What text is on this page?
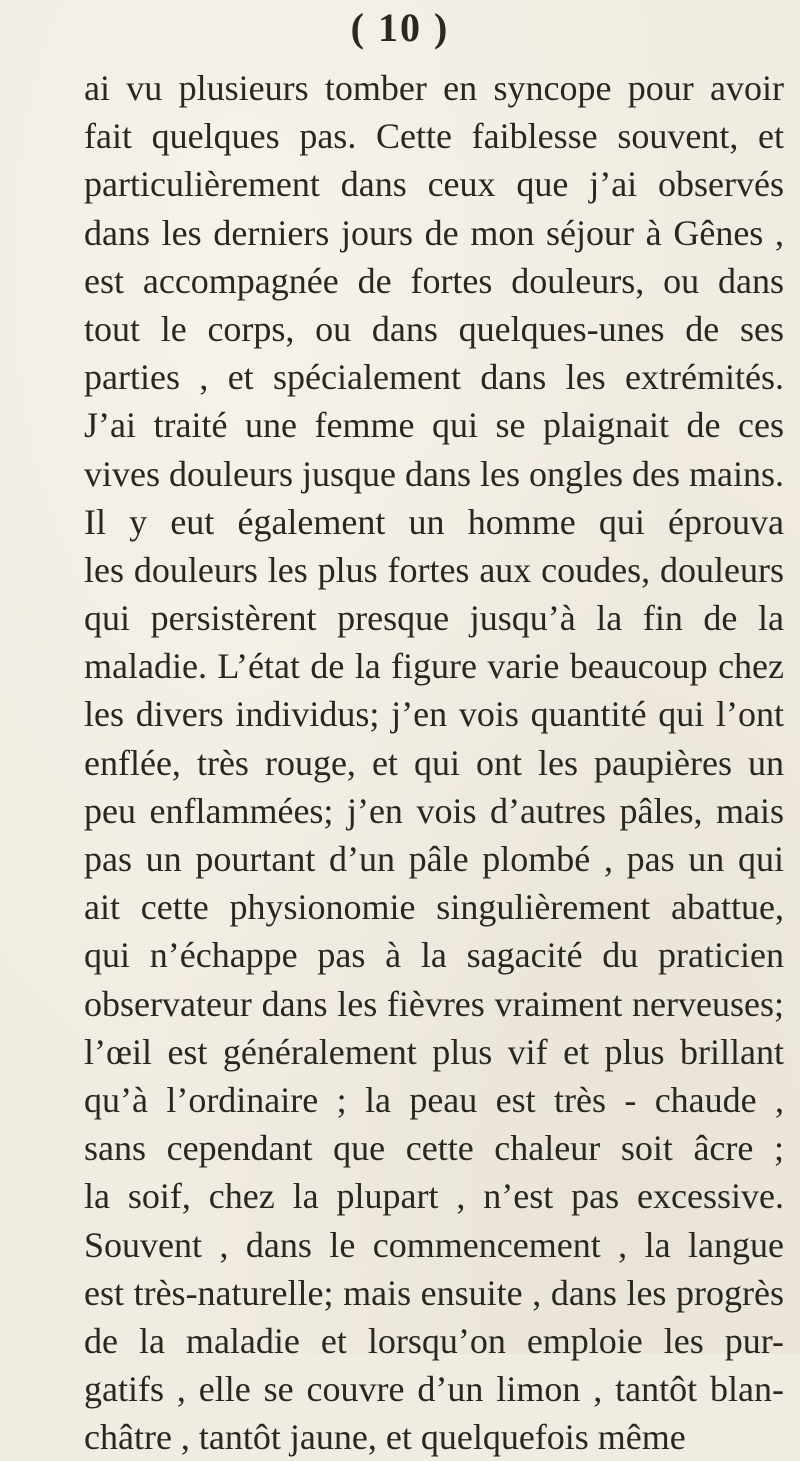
( 10 )
ai vu plusieurs tomber en syncope pour avoir
fait quelques pas. Cette faiblesse souvent, et
particulièrement dans ceux que j’ai observés
dans les derniers jours de mon séjour à Gênes ,
est accompagnée de fortes douleurs, ou dans
tout le corps, ou dans quelques-unes de ses
parties , et spécialement dans les extrémités.
J’ai traité une femme qui se plaignait de ces
vives douleurs jusque dans les ongles des mains.
Il y eut également un homme qui éprouva
les douleurs les plus fortes aux coudes, douleurs
qui persistèrent presque jusqu’à la fin de la
maladie. L’état de la figure varie beaucoup chez
les divers individus; j’en vois quantité qui l’ont
enflée, très rouge, et qui ont les paupières un
peu enflammées; j’en vois d’autres pâles, mais
pas un pourtant d’un pâle plombé , pas un qui
ait cette physionomie singulièrement abattue,
qui n’échappe pas à la sagacité du praticien
observateur dans les fièvres vraiment nerveuses;
l’œil est généralement plus vif et plus brillant
qu’à l’ordinaire ; la peau est très - chaude ,
sans cependant que cette chaleur soit âcre ;
la soif, chez la plupart , n’est pas excessive.
Souvent , dans le commencement , la langue
est très-naturelle; mais ensuite , dans les progrès
de la maladie et lorsqu’on emploie les pur-
gatifs , elle se couvre d’un limon , tantôt blan-
châtre , tantôt jaune, et quelquefois même
